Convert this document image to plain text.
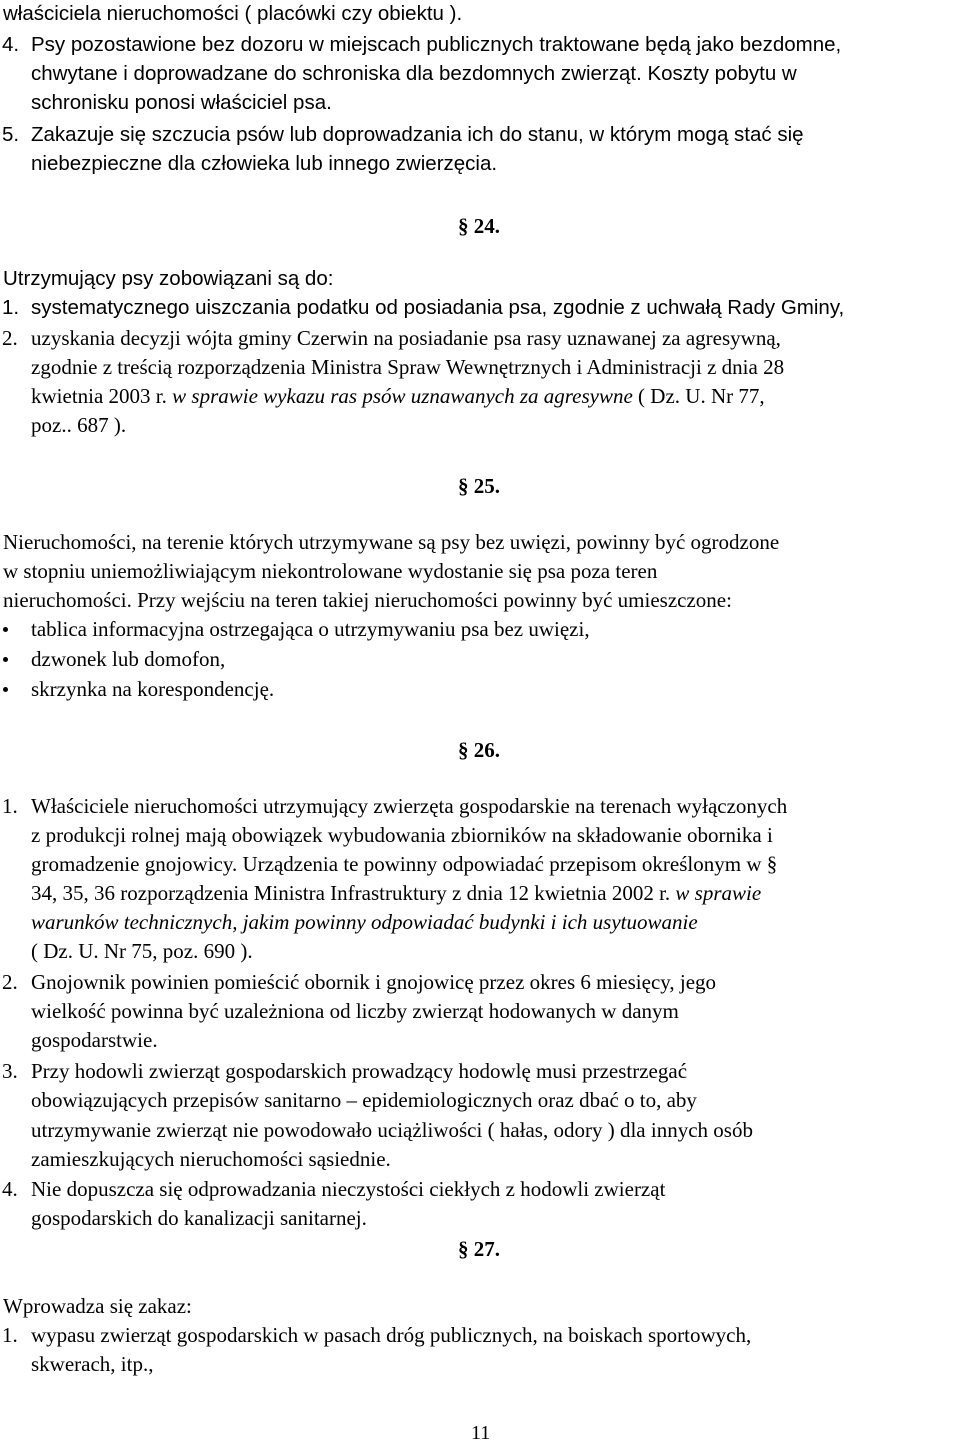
właściciela nieruchomości ( placówki czy obiektu ).
4. Psy pozostawione bez dozoru w miejscach publicznych traktowane będą jako bezdomne,
chwytane i doprowadzane do schroniska dla bezdomnych zwierząt. Koszty pobytu w
schronisku ponosi właściciel psa.
5. Zakazuje się szczucia psów lub doprowadzania ich do stanu, w którym mogą stać się
niebezpieczne dla człowieka lub innego zwierzęcia.
§ 24.
Utrzymujący psy zobowiązani są do:
1. systematycznego uiszczania podatku od posiadania psa, zgodnie z uchwałą Rady Gminy,
2. uzyskania decyzji wójta gminy Czerwin na posiadanie psa rasy uznawanej za agresywną,
zgodnie z treścią rozporządzenia Ministra Spraw Wewnętrznych i Administracji z dnia 28
kwietnia 2003 r. w sprawie wykazu ras psów uznawanych za agresywne ( Dz. U. Nr 77,
poz.. 687 ).
§ 25.
Nieruchomości, na terenie których utrzymywane są psy bez uwięzi, powinny być ogrodzone
w stopniu uniemożliwiającym niekontrolowane wydostanie się psa poza teren
nieruchomości. Przy wejściu na teren takiej nieruchomości powinny być umieszczone:
tablica informacyjna ostrzegająca o utrzymywaniu psa bez uwięzi,
dzwonek lub domofon,
skrzynka na korespondencję.
§ 26.
1. Właściciele nieruchomości utrzymujący zwierzęta gospodarskie na terenach wyłączonych
z produkcji rolnej mają obowiązek wybudowania zbiorników na składowanie obornika i
gromadzenie gnojowicy. Urządzenia te powinny odpowiadać przepisom określonym w §
34, 35, 36 rozporządzenia Ministra Infrastruktury z dnia 12 kwietnia 2002 r. w sprawie
warunków technicznych, jakim powinny odpowiadać budynki i ich usytuowanie
( Dz. U. Nr 75, poz. 690 ).
2. Gnojownik powinien pomieścić obornik i gnojowicę przez okres 6 miesięcy, jego
wielkość powinna być uzależniona od liczby zwierząt hodowanych w danym
gospodarstwie.
3. Przy hodowli zwierząt gospodarskich prowadzący hodowlę musi przestrzegać
obowiązujących przepisów sanitarno – epidemiologicznych oraz dbać o to, aby
utrzymywanie zwierząt nie powodowało uciążliwości ( hałas, odory ) dla innych osób
zamieszkujących nieruchomości sąsiednie.
4. Nie dopuszcza się odprowadzania nieczystości ciekłych z hodowli zwierząt
gospodarskich do kanalizacji sanitarnej.
§ 27.
Wprowadza się zakaz:
1. wypasu zwierząt gospodarskich w pasach dróg publicznych, na boiskach sportowych,
skwerach, itp.,
11
